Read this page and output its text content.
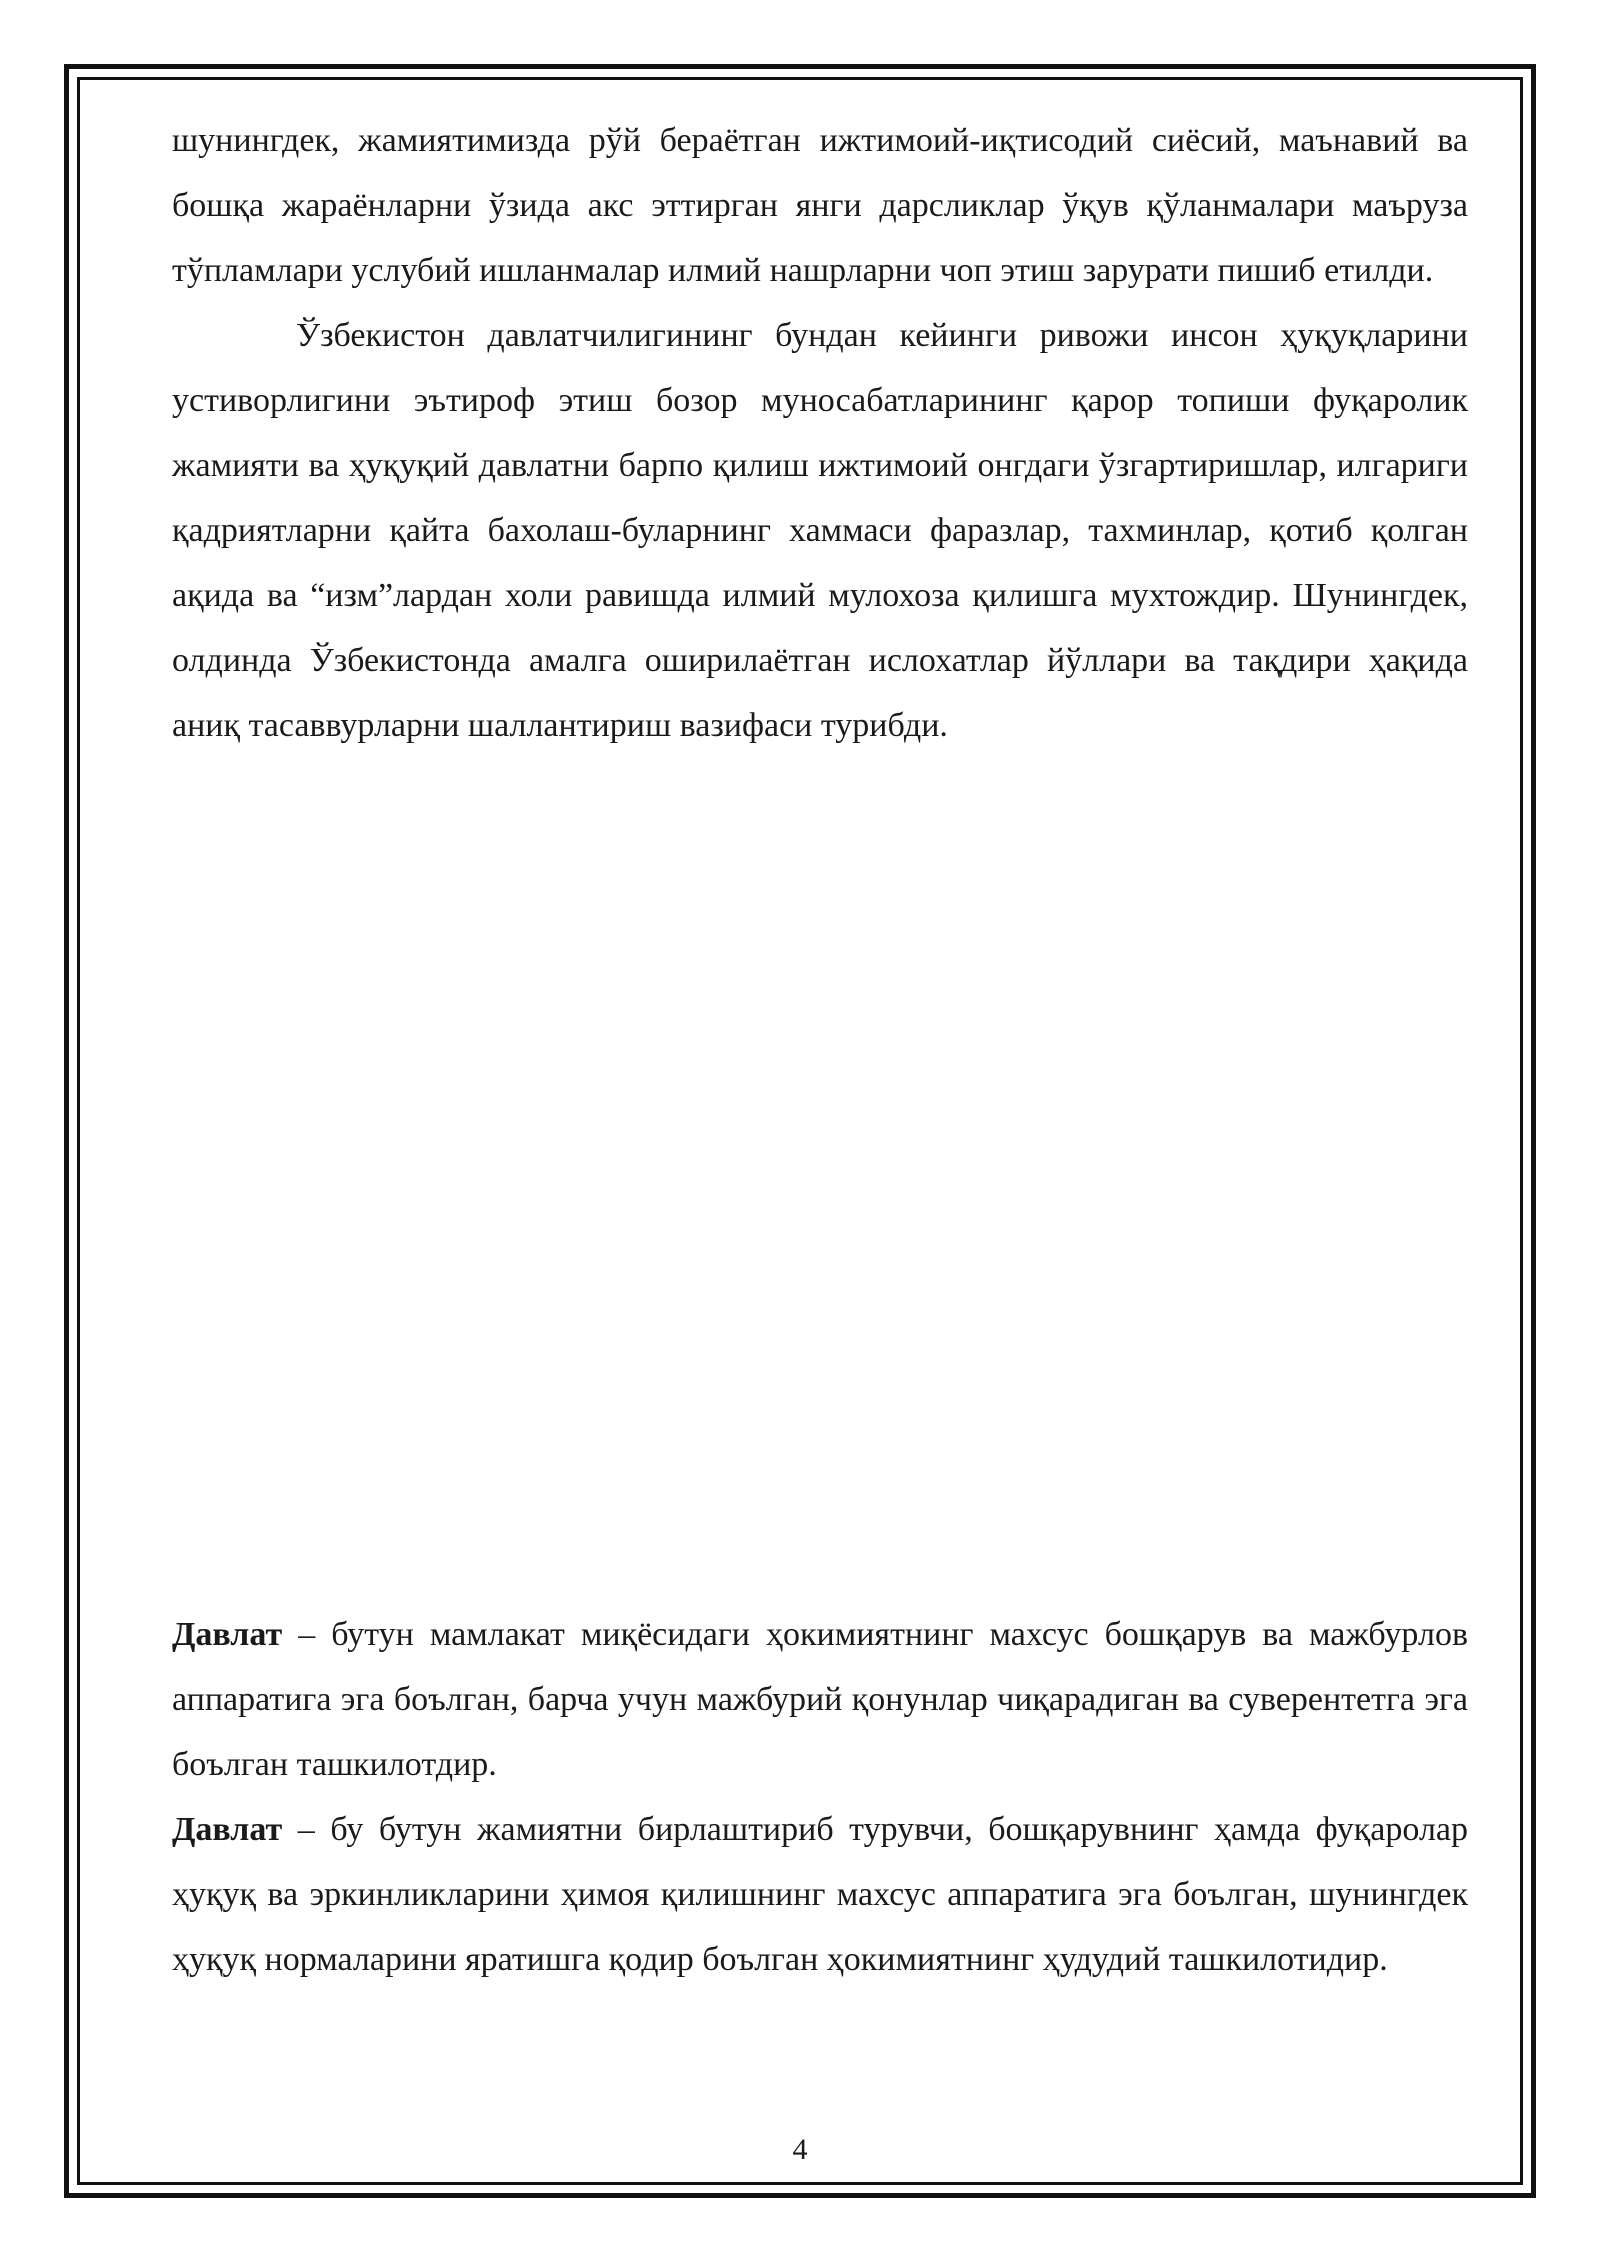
шунингдек, жамиятимизда рўй бераётган ижтимоий-иқтисодий сиёсий, маънавий ва бошқа жараёнларни ўзида акс эттирган янги дарсликлар ўқув қўланмалари маъруза тўпламлари услубий ишланмалар илмий нашрларни чоп этиш зарурати пишиб етилди.

Ўзбекистон давлатчилигининг бундан кейинги ривожи инсон ҳуқуқларини устиворлигини эътироф этиш бозор муносабатларининг қарор топиши фуқаролик жамияти ва ҳуқуқий давлатни барпо қилиш ижтимоий онгдаги ўзгартиришлар, илгариги қадриятларни қайта бахолаш-буларнинг хаммаси фаразлар, тахминлар, қотиб қолган ақида ва “изм”лардан холи равишда илмий мулохоза қилишга мухтождир. Шунингдек, олдинда Ўзбекистонда амалга оширилаётган ислохатлар йўллари ва тақдири ҳақида аниқ тасаввурларни шаллантириш вазифаси турибди.

Давлат – бутун мамлакат миқёсидаги ҳокимиятнинг махсус бошқарув ва мажбурлов аппаратига эга боълган, барча учун мажбурий қонунлар чиқарадиган ва суверентетга эга боълган ташкилотдир.

Давлат – бу бутун жамиятни бирлаштириб турувчи, бошқарувнинг ҳамда фуқаролар ҳуқуқ ва эркинликларини ҳимоя қилишнинг махсус аппаратига эга боълган, шунингдек ҳуқуқ нормаларини яратишга қодир боълган ҳокимиятнинг ҳудудий ташкилотидир.

4
